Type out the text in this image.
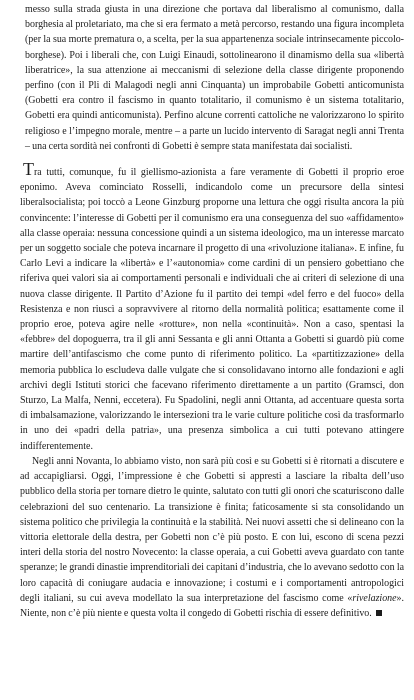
messo sulla strada giusta in una direzione che portava dal liberalismo al comunismo, dalla borghesia al proletariato, ma che si era fermato a metà percorso, restando una figura incompleta (per la sua morte prematura o, a scelta, per la sua appartenenza sociale intrinsecamente piccolo-borghese). Poi i liberali che, con Luigi Einaudi, sottolinearono il dinamismo della sua «libertà liberatrice», la sua attenzione ai meccanismi di selezione della classe dirigente proponendo perfino (con il Pli di Malagodi negli anni Cinquanta) un improbabile Gobetti anticomunista (Gobetti era contro il fascismo in quanto totalitario, il comunismo è un sistema totalitario, Gobetti era quindi anticomunista). Perfino alcune correnti cattoliche ne valorizzarono lo spirito religioso e l’impegno morale, mentre – a parte un lucido intervento di Saragat negli anni Trenta – una certa sordità nei confronti di Gobetti è sempre stata manifestata dai socialisti.

Tra tutti, comunque, fu il giellismo-azionista a fare veramente di Gobetti il proprio eroe eponimo. Aveva cominciato Rosselli, indicandolo come un precursore della sintesi liberalsocialista; poi toccò a Leone Ginzburg proporne una lettura che oggi risulta ancora la più convincente: l’interesse di Gobetti per il comunismo era una conseguenza del suo «affidamento» alla classe operaia: nessuna concessione quindi a un sistema ideologico, ma un interesse marcato per un soggetto sociale che poteva incarnare il progetto di una «rivoluzione italiana». E infine, fu Carlo Levi a indicare la «libertà» e l’«autonomia» come cardini di un pensiero gobettiano che riferiva quei valori sia ai comportamenti personali e individuali che ai criteri di selezione di una nuova classe dirigente. Il Partito d’Azione fu il partito dei tempi «del ferro e del fuoco» della Resistenza e non riuscì a sopravvivere al ritorno della normalità politica; esattamente come il proprio eroe, poteva agire nelle «rotture», non nella «continuità». Non a caso, spentasi la «febbre» del dopoguerra, tra il gli anni Sessanta e gli anni Ottanta a Gobetti si guardò più come martire dell’antifascismo che come punto di riferimento politico. La «partitizzazione» della memoria pubblica lo escludeva dalle vulgate che si consolidavano intorno alle fondazioni e agli archivi degli Istituti storici che facevano riferimento direttamente a un partito (Gramsci, don Sturzo, La Malfa, Nenni, eccetera). Fu Spadolini, negli anni Ottanta, ad accentuare questa sorta di imbalsamazione, valorizzando le intersezioni tra le varie culture politiche così da trasformarlo in uno dei «padri della patria», una presenza simbolica a cui tutti potevano attingere indifferentemente.

Negli anni Novanta, lo abbiamo visto, non sarà più così e su Gobetti si è ritornati a discutere e ad accapigliarsi. Oggi, l’impressione è che Gobetti si appresti a lasciare la ribalta dell’uso pubblico della storia per tornare dietro le quinte, salutato con tutti gli onori che scaturiscono dalle celebrazioni del suo centenario. La transizione è finita; faticosamente si sta consolidando un sistema politico che privilegia la continuità e la stabilità. Nei nuovi assetti che si delineano con la vittoria elettorale della destra, per Gobetti non c’è più posto. E con lui, escono di scena pezzi interi della storia del nostro Novecento: la classe operaia, a cui Gobetti aveva guardato con tante speranze; le grandi dinastie imprenditoriali dei capitani d’industria, che lo avevano sedotto con la loro capacità di coniugare audacia e innovazione; i costumi e i comportamenti antropologici degli italiani, su cui aveva modellato la sua interpretazione del fascismo come «rivelazione». Niente, non c’è più niente e questa volta il congedo di Gobetti rischia di essere definitivo.
